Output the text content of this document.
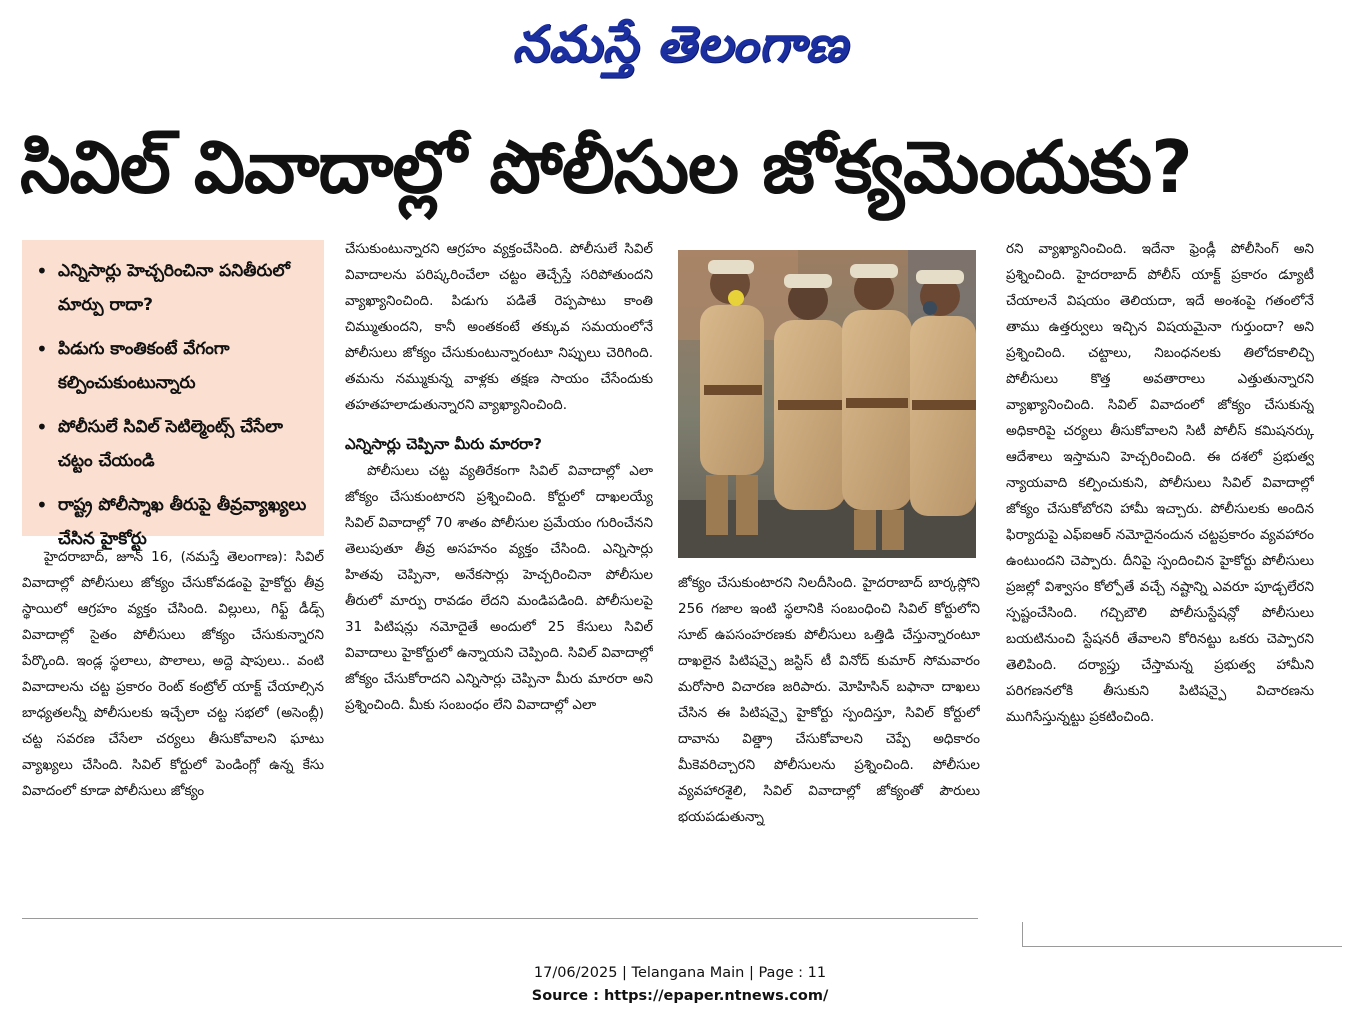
నమస్తే తెలంగాణ
సివిల్ వివాదాల్లో పోలీసుల జోక్యమెందుకు?
• ఎన్నిసార్లు హెచ్చరించినా పనితీరులో మార్పు రాదా?
• పిడుగు కాంతికంటే వేగంగా కల్పించుకుంటున్నారు
• పోలీసులే సివిల్ సెటిల్మెంట్స్ చేసేలా చట్టం చేయండి
• రాష్ట్ర పోలీస్శాఖ తీరుపై తీవ్రవ్యాఖ్యలు చేసిన హైకోర్టు

హైదరాబాద్, జూన్ 16, (నమస్తే తెలంగాణ): సివిల్ వివాదాల్లో పోలీసులు జోక్యం చేసుకోవడంపై హైకోర్టు తీవ్ర స్థాయిలో ఆగ్రహం వ్యక్తం చేసింది. విల్లులు, గిఫ్ట్ డీడ్స్ వివాదాల్లో సైతం పోలీసులు జోక్యం చేసుకున్నారని పేర్కొంది. ఇండ్ల స్థలాలు, పొలాలు, అద్దె షాపులు.. వంటి వివాదాలను చట్ట ప్రకారం రెంట్ కంట్రోల్ యాక్ట్ చేయాల్సిన బాధ్యతలన్నీ పోలీసులకు ఇచ్చేలా చట్ట సభలో (అసెంబ్లీ) చట్ట సవరణ చేసేలా చర్యలు తీసుకోవాలని ఘాటు వ్యాఖ్యలు చేసింది. సివిల్ కోర్టులో పెండింగ్లో ఉన్న కేసు వివాదంలో కూడా పోలీసులు జోక్యం

చేసుకుంటున్నారని ఆగ్రహం వ్యక్తంచేసింది. పోలీసులే సివిల్ వివాదాలను పరిష్కరించేలా చట్టం తెచ్చేస్తే సరిపోతుందని వ్యాఖ్యానించింది. పిడుగు పడితే రెప్పపాటు కాంతి చిమ్ముతుందని, కానీ అంతకంటే తక్కువ సమయంలోనే పోలీసులు జోక్యం చేసుకుంటున్నారంటూ నిప్పులు చెరిగింది. తమను నమ్ముకున్న వాళ్లకు తక్షణ సాయం చేసేందుకు తహతహలాడుతున్నారని వ్యాఖ్యానించింది.

ఎన్నిసార్లు చెప్పినా మీరు మారరా?

పోలీసులు చట్ట వ్యతిరేకంగా సివిల్ వివాదాల్లో ఎలా జోక్యం చేసుకుంటారని ప్రశ్నించింది. కోర్టులో దాఖలయ్యే సివిల్ వివాదాల్లో 70 శాతం పోలీసుల ప్రమేయం గురించేనని తెలుపుతూ తీవ్ర అసహనం వ్యక్తం చేసింది. ఎన్నిసార్లు హితవు చెప్పినా, అనేకసార్లు హెచ్చరించినా పోలీసుల తీరులో మార్పు రావడం లేదని మండిపడింది. పోలీసులపై 31 పిటిషన్లు నమోదైతే అందులో 25 కేసులు సివిల్ వివాదాలు హైకోర్టులో ఉన్నాయని చెప్పింది. సివిల్ వివాదాల్లో జోక్యం చేసుకోరాదని ఎన్నిసార్లు చెప్పినా మీరు మారరా అని ప్రశ్నించింది. మీకు సంబంధం లేని వివాదాల్లో ఎలా

జోక్యం చేసుకుంటారని నిలదీసింది. హైదరాబాద్ బార్కస్లోని 256 గజాల ఇంటి స్థలానికి సంబంధించి సివిల్ కోర్టులోని సూట్ ఉపసంహరణకు పోలీసులు ఒత్తిడి చేస్తున్నారంటూ దాఖలైన పిటిషన్పై జస్టిస్ టీ వినోద్ కుమార్ సోమవారం మరోసారి విచారణ జరిపారు. మోహిసిన్ బఫానా దాఖలు చేసిన ఈ పిటిషన్పై హైకోర్టు స్పందిస్తూ, సివిల్ కోర్టులో దావాను విత్డ్రా చేసుకోవాలని చెప్పే అధికారం మీకెవరిచ్చారని పోలీసులను ప్రశ్నించింది. పోలీసుల వ్యవహారశైలి, సివిల్ వివాదాల్లో జోక్యంతో పౌరులు భయపడుతున్నా

రని వ్యాఖ్యానించింది. ఇదేనా ఫ్రెండ్లీ పోలీసింగ్ అని ప్రశ్నించింది. హైదరాబాద్ పోలీస్ యాక్ట్ ప్రకారం డ్యూటీ చేయాలనే విషయం తెలియదా, ఇదే అంశంపై గతంలోనే తాము ఉత్తర్వులు ఇచ్చిన విషయమైనా గుర్తుందా? అని ప్రశ్నించింది. చట్టాలు, నిబంధనలకు తిలోదకాలిచ్చి పోలీసులు కొత్త అవతారాలు ఎత్తుతున్నారని వ్యాఖ్యానించింది. సివిల్ వివాదంలో జోక్యం చేసుకున్న అధికారిపై చర్యలు తీసుకోవాలని సిటీ పోలీస్ కమిషనర్కు ఆదేశాలు ఇస్తామని హెచ్చరించింది. ఈ దశలో ప్రభుత్వ న్యాయవాది కల్పించుకుని, పోలీసులు సివిల్ వివాదాల్లో జోక్యం చేసుకోబోరని హామీ ఇచ్చారు. పోలీసులకు అందిన ఫిర్యాదుపై ఎఫ్ఐఆర్ నమోదైనందున చట్టప్రకారం వ్యవహారం ఉంటుందని చెప్పారు. దీనిపై స్పందించిన హైకోర్టు పోలీసులు ప్రజల్లో విశ్వాసం కోల్పోతే వచ్చే నష్టాన్ని ఎవరూ పూడ్చలేరని స్పష్టంచేసింది. గచ్చిబౌలి పోలీసుస్టేషన్లో పోలీసులు బయటినుంచి స్టేషనరీ తేవాలని కోరినట్టు ఒకరు చెప్పారని తెలిపింది. దర్యాప్తు చేస్తామన్న ప్రభుత్వ హామీని పరిగణనలోకి తీసుకుని పిటిషన్పై విచారణను ముగిసేస్తున్నట్టు ప్రకటించింది.

17/06/2025 | Telangana Main | Page : 11
Source : https://epaper.ntnews.com/
